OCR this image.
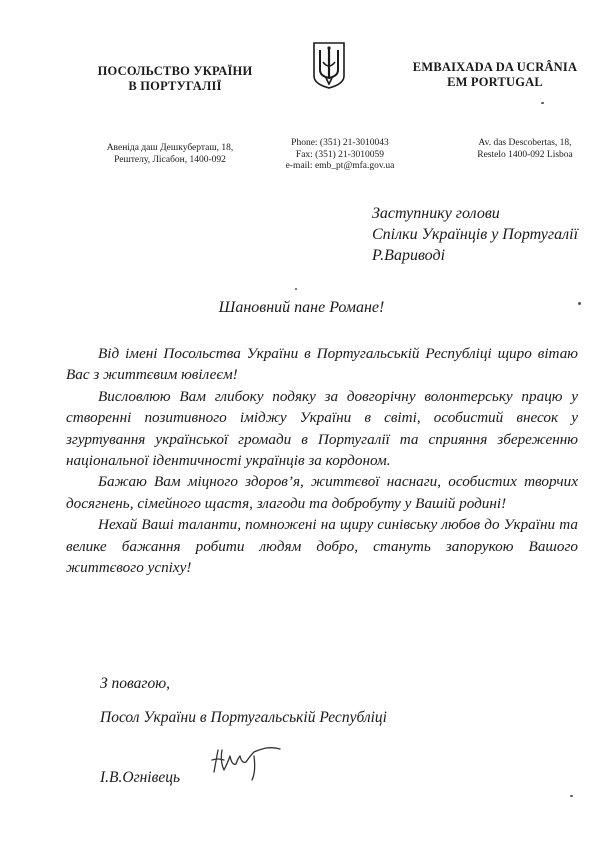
ПОСОЛЬСТВО УКРАЇНИ
В ПОРТУГАЛІЇ
EMBAIXADA DA UCRÂNIA
EM PORTUGAL
Авеніда даш Дешкуберташ, 18,
Рештелу, Лісабон, 1400-092
Phone: (351) 21-3010043
Fax: (351) 21-3010059
e-mail: emb_pt@mfa.gov.ua
Av. das Descobertas, 18,
Restelo 1400-092 Lisboa
Заступнику голови
Спілки Українців у Португалії
Р.Вариводі
Шановний пане Романе!

Від імені Посольства України в Португальській Республіці щиро вітаю Вас з життєвим ювілеєм!

Висловлюю Вам глибоку подяку за довгорічну волонтерську працю у створенні позитивного іміджу України в світі, особистий внесок у згуртування української громади в Португалії та сприяння збереженню національної ідентичності українців за кордоном.

Бажаю Вам міцного здоров’я, життєвої наснаги, особистих творчих досягнень, сімейного щастя, злагоди та добробуту у Вашій родині!

Нехай Ваші таланти, помножені на щиру синівську любов до України та велике бажання робити людям добро, стануть запорукою Вашого життєвого успіху!

З повагою,
Посол України в Португальській Республіці
І.В.Огнівець
